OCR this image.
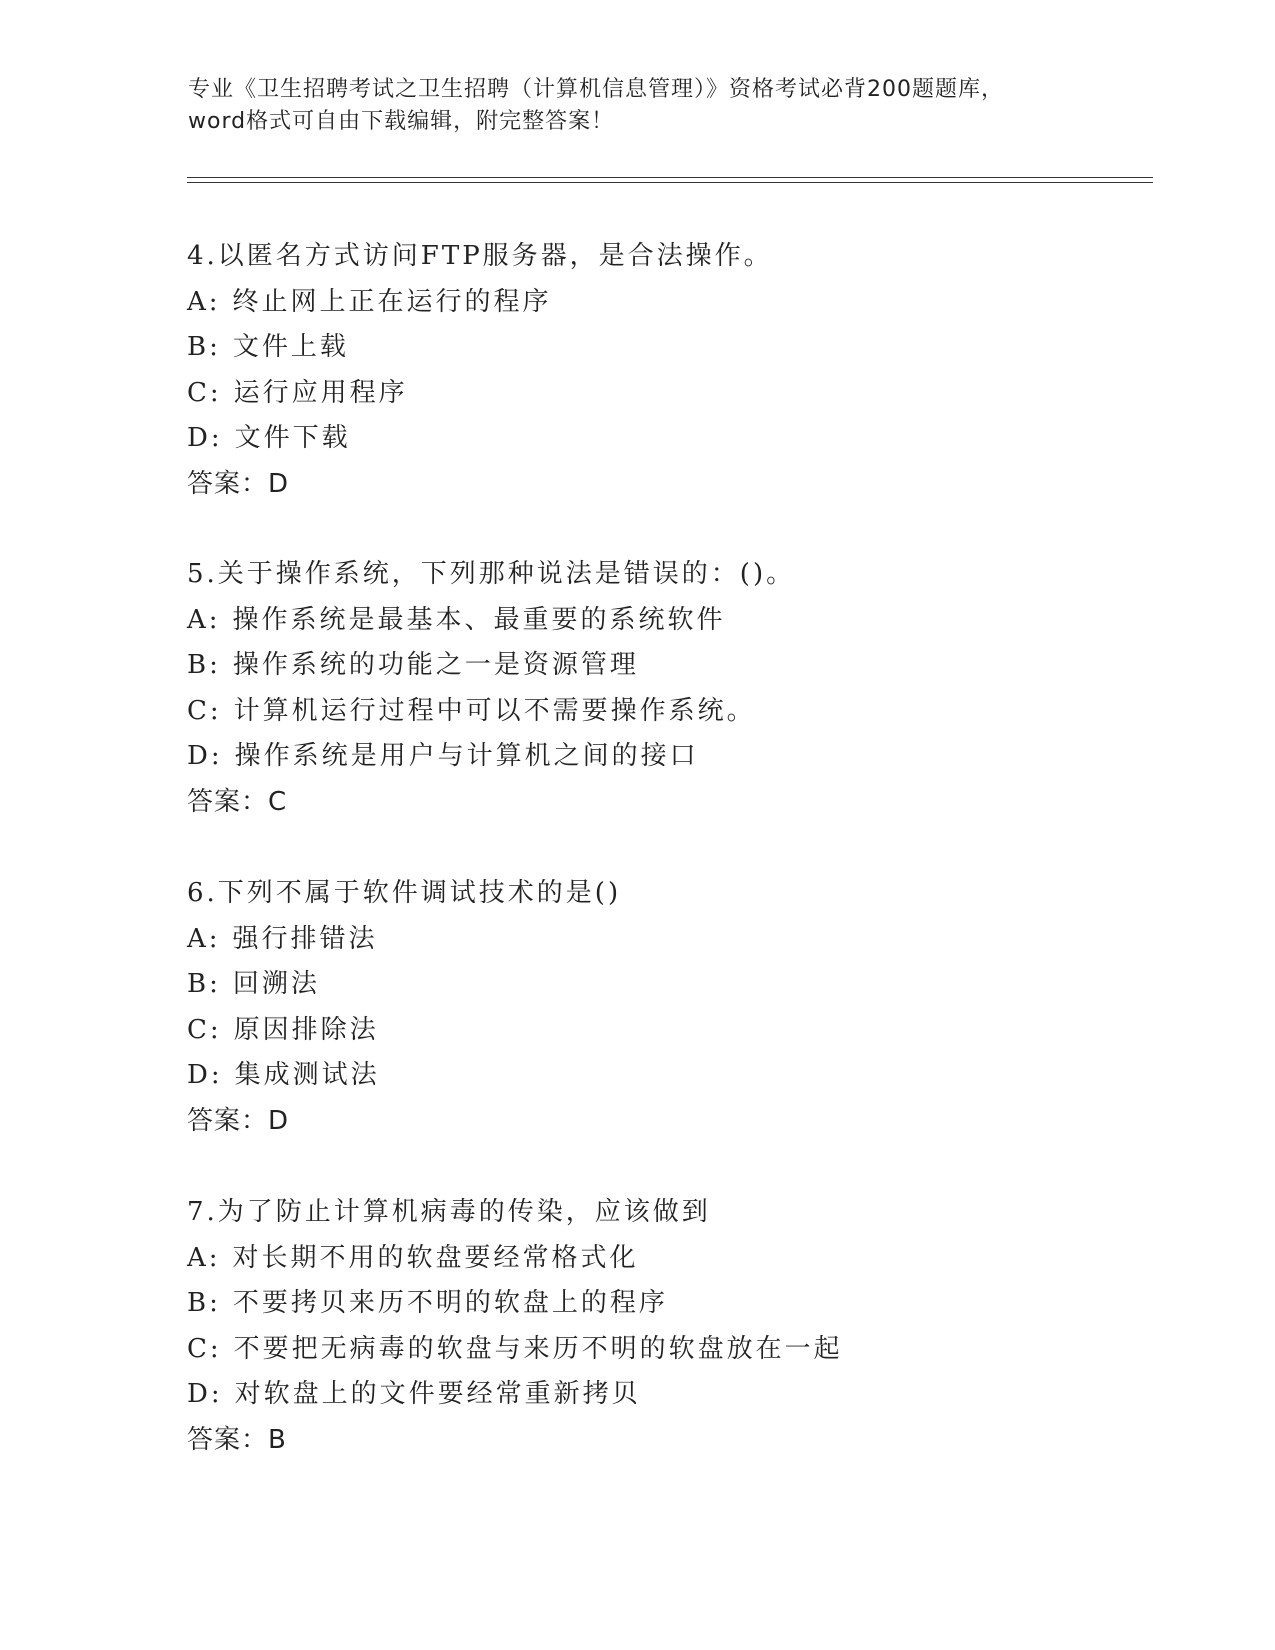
专业《卫生招聘考试之卫生招聘（计算机信息管理）》资格考试必背200题题库，
word格式可自由下载编辑，附完整答案！
4.以匿名方式访问FTP服务器，是合法操作。
A: 终止网上正在运行的程序
B: 文件上载
C: 运行应用程序
D: 文件下载
答案：D
5.关于操作系统，下列那种说法是错误的：()。
A: 操作系统是最基本、最重要的系统软件
B: 操作系统的功能之一是资源管理
C: 计算机运行过程中可以不需要操作系统。
D: 操作系统是用户与计算机之间的接口
答案：C
6.下列不属于软件调试技术的是()
A: 强行排错法
B: 回溯法
C: 原因排除法
D: 集成测试法
答案：D
7.为了防止计算机病毒的传染，应该做到
A: 对长期不用的软盘要经常格式化
B: 不要拷贝来历不明的软盘上的程序
C: 不要把无病毒的软盘与来历不明的软盘放在一起
D: 对软盘上的文件要经常重新拷贝
答案：B
